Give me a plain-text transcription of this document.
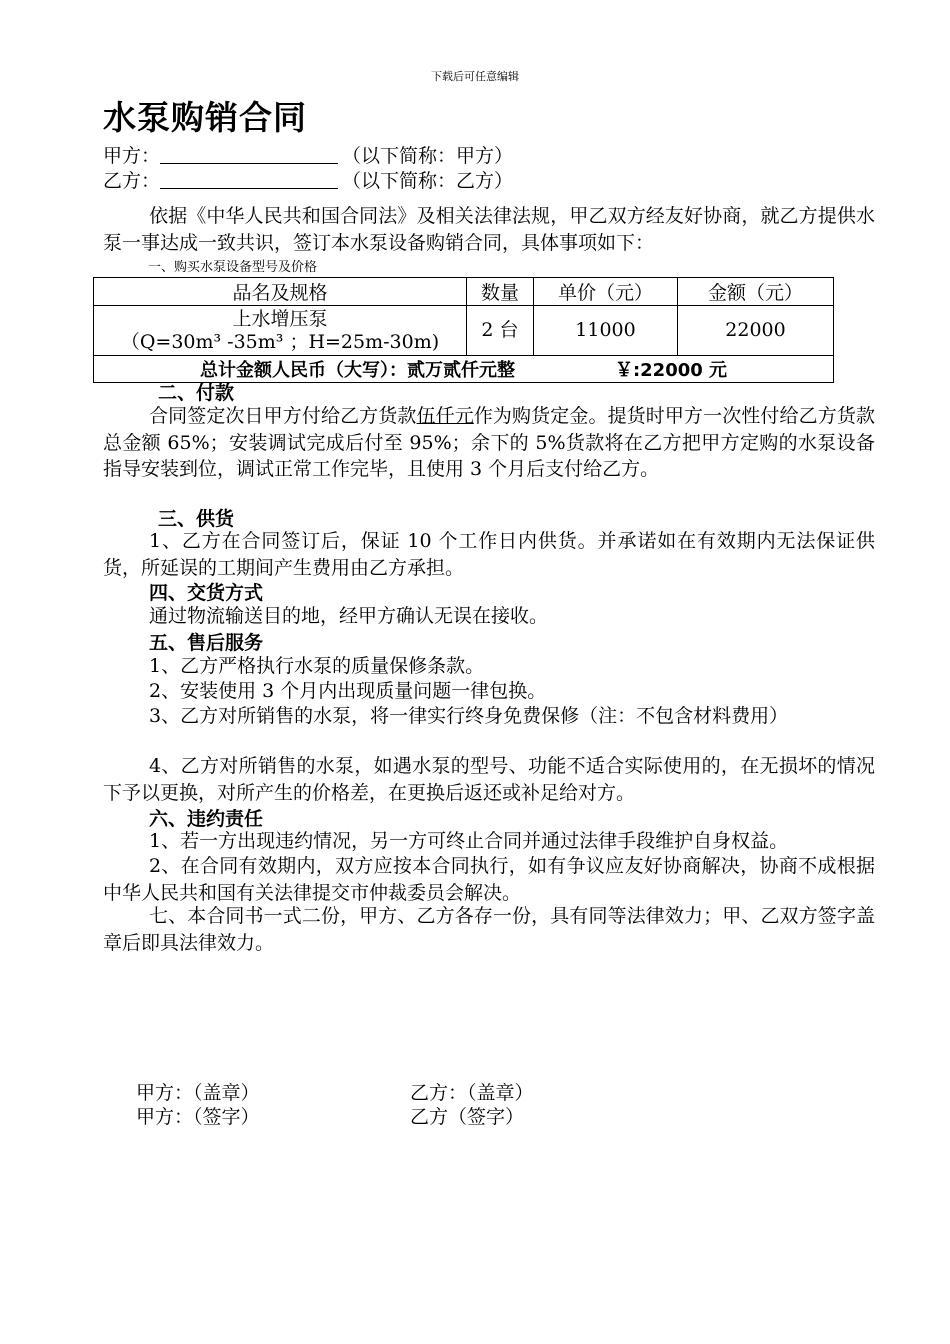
下载后可任意编辑
水泵购销合同
甲方：	（以下简称：甲方）
乙方：	（以下简称：乙方）
依据《中华人民共和国合同法》及相关法律法规，甲乙双方经友好协商，就乙方提供水泵一事达成一致共识，签订本水泵设备购销合同，具体事项如下：
一、购买水泵设备型号及价格
品名及规格	数量	单价（元）	金额（元）

上水增压泵
（Q=30m³ -35m³ ；H=25m-30m)	2 台	11000	22000
总计金额人民币（大写）：贰万贰仟元整 ￥:22000 元			
二、付款
合同签定次日甲方付给乙方货款伍仟元作为购货定金。提货时甲方一次性付给乙方货款总金额 65%；安装调试完成后付至 95%；余下的 5%货款将在乙方把甲方定购的水泵设备指导安装到位，调试正常工作完毕，且使用 3 个月后支付给乙方。
三、供货
1、乙方在合同签订后，保证 10 个工作日内供货。并承诺如在有效期内无法保证供货，所延误的工期间产生费用由乙方承担。
四、交货方式
通过物流输送目的地，经甲方确认无误在接收。
五、售后服务
1、乙方严格执行水泵的质量保修条款。
2、安装使用 3 个月内出现质量问题一律包换。
3、乙方对所销售的水泵，将一律实行终身免费保修（注：不包含材料费用）
4、乙方对所销售的水泵，如遇水泵的型号、功能不适合实际使用的，在无损坏的情况下予以更换，对所产生的价格差，在更换后返还或补足给对方。
六、违约责任
1、若一方出现违约情况，另一方可终止合同并通过法律手段维护自身权益。
2、在合同有效期内，双方应按本合同执行，如有争议应友好协商解决，协商不成根据中华人民共和国有关法律提交市仲裁委员会解决。
七、本合同书一式二份，甲方、乙方各存一份，具有同等法律效力；甲、乙双方签字盖章后即具法律效力。
甲方：（盖章）	乙方：（盖章）
甲方：（签字）	乙方（签字）
